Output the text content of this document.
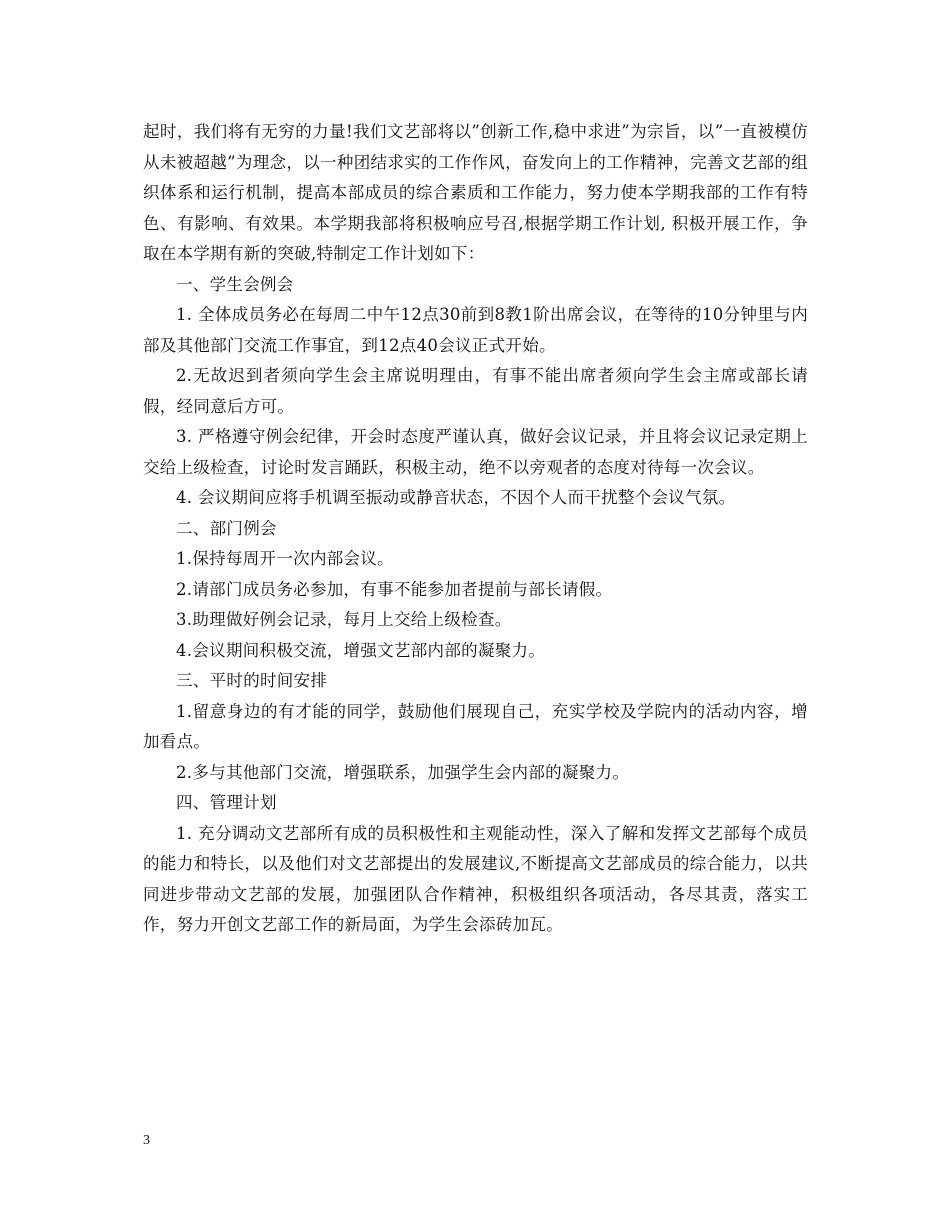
起时，我们将有无穷的力量!我们文艺部将以”创新工作,稳中求进”为宗旨，以”一直被模仿从未被超越”为理念，以一种团结求实的工作作风，奋发向上的工作精神，完善文艺部的组织体系和运行机制，提高本部成员的综合素质和工作能力，努力使本学期我部的工作有特色、有影响、有效果。本学期我部将积极响应号召,根据学期工作计划, 积极开展工作，争取在本学期有新的突破,特制定工作计划如下：

一、学生会例会

1. 全体成员务必在每周二中午12点30前到8教1阶出席会议，在等待的10分钟里与内部及其他部门交流工作事宜，到12点40会议正式开始。

2.无故迟到者须向学生会主席说明理由，有事不能出席者须向学生会主席或部长请假，经同意后方可。

3. 严格遵守例会纪律，开会时态度严谨认真，做好会议记录，并且将会议记录定期上交给上级检查，讨论时发言踊跃，积极主动，绝不以旁观者的态度对待每一次会议。

4. 会议期间应将手机调至振动或静音状态，不因个人而干扰整个会议气氛。

二、部门例会

1.保持每周开一次内部会议。

2.请部门成员务必参加，有事不能参加者提前与部长请假。

3.助理做好例会记录，每月上交给上级检查。

4.会议期间积极交流，增强文艺部内部的凝聚力。

三、平时的时间安排

1.留意身边的有才能的同学，鼓励他们展现自己，充实学校及学院内的活动内容，增加看点。

2.多与其他部门交流，增强联系，加强学生会内部的凝聚力。

四、管理计划

1. 充分调动文艺部所有成的员积极性和主观能动性，深入了解和发挥文艺部每个成员的能力和特长，以及他们对文艺部提出的发展建议,不断提高文艺部成员的综合能力，以共同进步带动文艺部的发展，加强团队合作精神，积极组织各项活动，各尽其责，落实工作，努力开创文艺部工作的新局面，为学生会添砖加瓦。

3
